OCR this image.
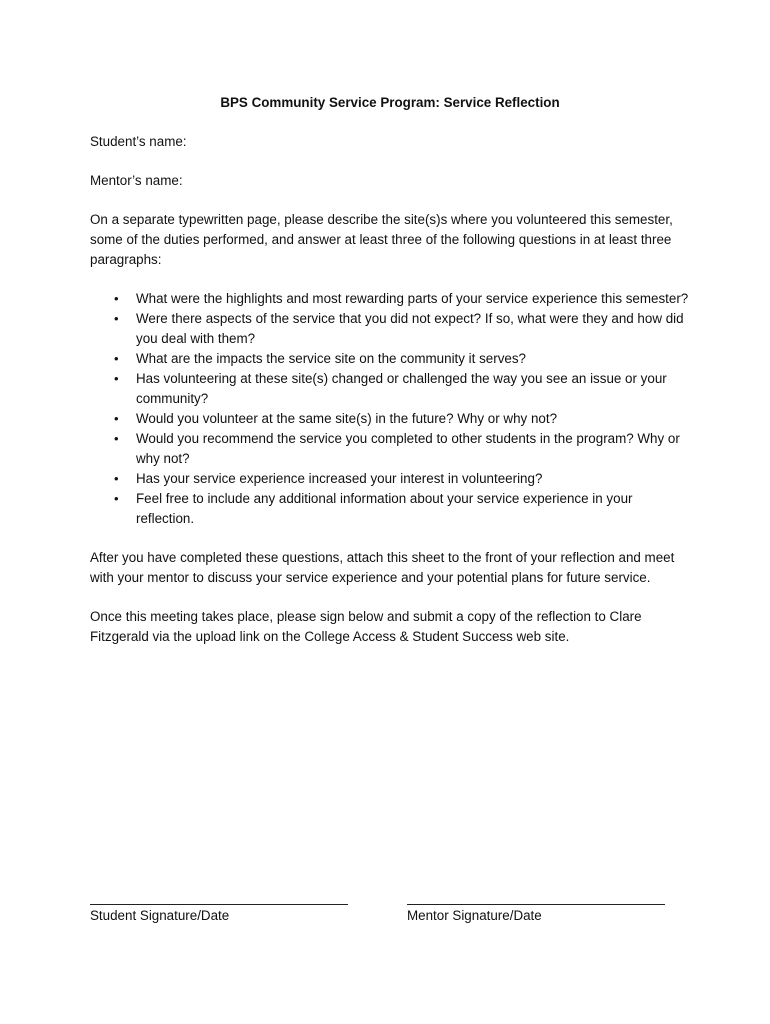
BPS Community Service Program: Service Reflection
Student’s name:
Mentor’s name:
On a separate typewritten page, please describe the site(s)s where you volunteered this semester, some of the duties performed, and answer at least three of the following questions in at least three paragraphs:
• What were the highlights and most rewarding parts of your service experience this semester?
• Were there aspects of the service that you did not expect? If so, what were they and how did you deal with them?
• What are the impacts the service site on the community it serves?
• Has volunteering at these site(s) changed or challenged the way you see an issue or your community?
• Would you volunteer at the same site(s) in the future? Why or why not?
• Would you recommend the service you completed to other students in the program? Why or why not?
• Has your service experience increased your interest in volunteering?
• Feel free to include any additional information about your service experience in your reflection.
After you have completed these questions, attach this sheet to the front of your reflection and meet with your mentor to discuss your service experience and your potential plans for future service.
Once this meeting takes place, please sign below and submit a copy of the reflection to Clare Fitzgerald via the upload link on the College Access & Student Success web site.
Student Signature/Date	Mentor Signature/Date
